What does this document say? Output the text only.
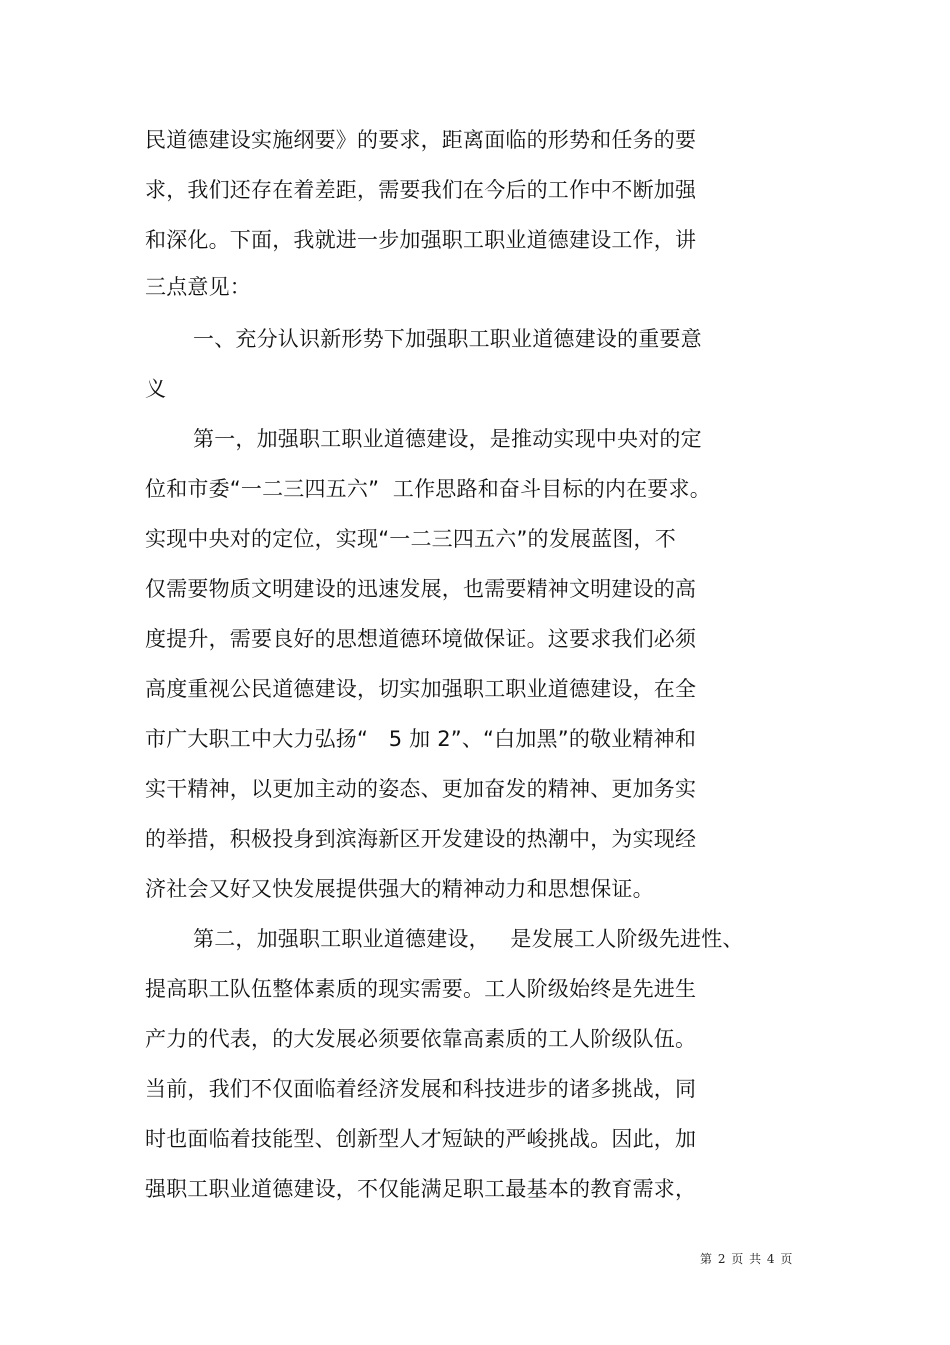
民道德建设实施纲要》的要求，距离面临的形势和任务的要

求，我们还存在着差距，需要我们在今后的工作中不断加强

和深化。下面，我就进一步加强职工职业道德建设工作，讲

三点意见：

一、充分认识新形势下加强职工职业道德建设的重要意

义

第一，加强职工职业道德建设，是推动实现中央对的定

位和市委“一二三四五六”  工作思路和奋斗目标的内在要求。

实现中央对的定位，实现“一二三四五六”的发展蓝图，不

仅需要物质文明建设的迅速发展，也需要精神文明建设的高

度提升，需要良好的思想道德环境做保证。这要求我们必须

高度重视公民道德建设，切实加强职工职业道德建设，在全

市广大职工中大力弘扬“   5 加 2”、“白加黑”的敬业精神和

实干精神，以更加主动的姿态、更加奋发的精神、更加务实

的举措，积极投身到滨海新区开发建设的热潮中，为实现经

济社会又好又快发展提供强大的精神动力和思想保证。

第二，加强职工职业道德建设，   是发展工人阶级先进性、

提高职工队伍整体素质的现实需要。工人阶级始终是先进生

产力的代表，的大发展必须要依靠高素质的工人阶级队伍。

当前，我们不仅面临着经济发展和科技进步的诸多挑战，同

时也面临着技能型、创新型人才短缺的严峻挑战。因此，加

强职工职业道德建设，不仅能满足职工最基本的教育需求，

第 2 页 共 4 页
